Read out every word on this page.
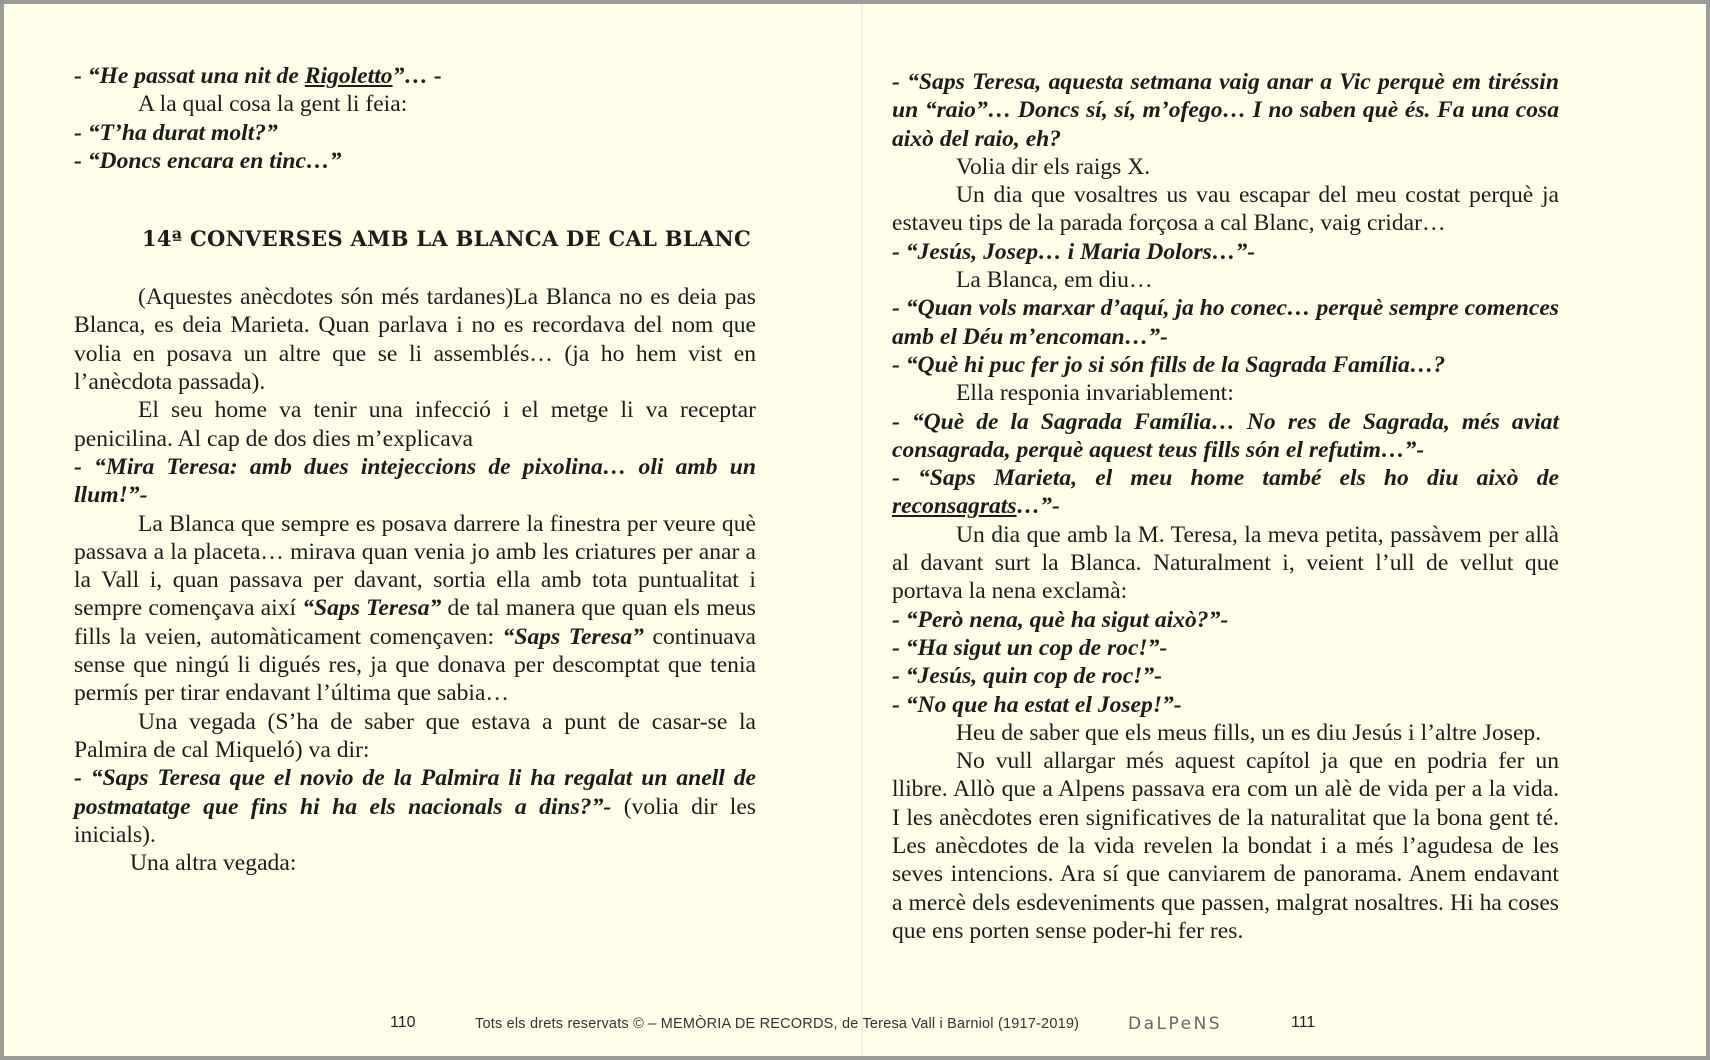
- “He passat una nit de Rigoletto”… -

A la qual cosa la gent li feia:

- “T’ha durat molt?”

- “Doncs encara en tinc…”

14ª CONVERSES AMB LA BLANCA DE CAL BLANC

(Aquestes anècdotes són més tardanes)La Blanca no es deia pas Blanca, es deia Marieta. Quan parlava i no es recordava del nom que volia en posava un altre que se li assemblés… (ja ho hem vist en l’anècdota passada).

El seu home va tenir una infecció i el metge li va receptar penicilina. Al cap de dos dies m’explicava

- “Mira Teresa: amb dues intejeccions de pixolina… oli amb un llum!”-

La Blanca que sempre es posava darrere la finestra per veure què passava a la placeta… mirava quan venia jo amb les criatures per anar a la Vall i, quan passava per davant, sortia ella amb tota puntualitat i sempre començava així “Saps Teresa” de tal manera que quan els meus fills la veien, automàticament començaven: “Saps Teresa” continuava sense que ningú li digués res, ja que donava per descomptat que tenia permís per tirar endavant l’última que sabia…

Una vegada (S’ha de saber que estava a punt de casar-se la Palmira de cal Miqueló) va dir:

- “Saps Teresa que el novio de la Palmira li ha regalat un anell de postmatatge que fins hi ha els nacionals a dins?”- (volia dir les inicials).

Una altra vegada:

- “Saps Teresa, aquesta setmana vaig anar a Vic perquè em tiréssin un “raio”… Doncs sí, sí, m’ofego… I no saben què és. Fa una cosa això del raio, eh?

Volia dir els raigs X.

Un dia que vosaltres us vau escapar del meu costat perquè ja estaveu tips de la parada forçosa a cal Blanc, vaig cridar…

- “Jesús, Josep… i Maria Dolors…”-

La Blanca, em diu…

- “Quan vols marxar d’aquí, ja ho conec… perquè sempre comences amb el Déu m’encoman…”-

- “Què hi puc fer jo si són fills de la Sagrada Família…?

Ella responia invariablement:

- “Què de la Sagrada Família… No res de Sagrada, més aviat consagrada, perquè aquest teus fills són el refutim…”-

- “Saps Marieta, el meu home també els ho diu això de reconsagrats…”-

Un dia que amb la M. Teresa, la meva petita, passàvem per allà al davant surt la Blanca. Naturalment i, veient l’ull de vellut que portava la nena exclamà:

- “Però nena, què ha sigut això?”-

- “Ha sigut un cop de roc!”-

- “Jesús, quin cop de roc!”-

- “No que ha estat el Josep!”-

Heu de saber que els meus fills, un es diu Jesús i l’altre Josep.

No vull allargar més aquest capítol ja que en podria fer un llibre. Allò que a Alpens passava era com un alè de vida per a la vida. I les anècdotes eren significatives de la naturalitat que la bona gent té. Les anècdotes de la vida revelen la bondat i a més l’agudesa de les seves intencions. Ara sí que canviarem de panorama. Anem endavant a mercè dels esdeveniments que passen, malgrat nosaltres. Hi ha coses que ens porten sense poder-hi fer res.

110	Tots els drets reservats © – MEMÒRIA DE RECORDS, de Teresa Vall i Barniol (1917-2019)	DaLPeNS	111
